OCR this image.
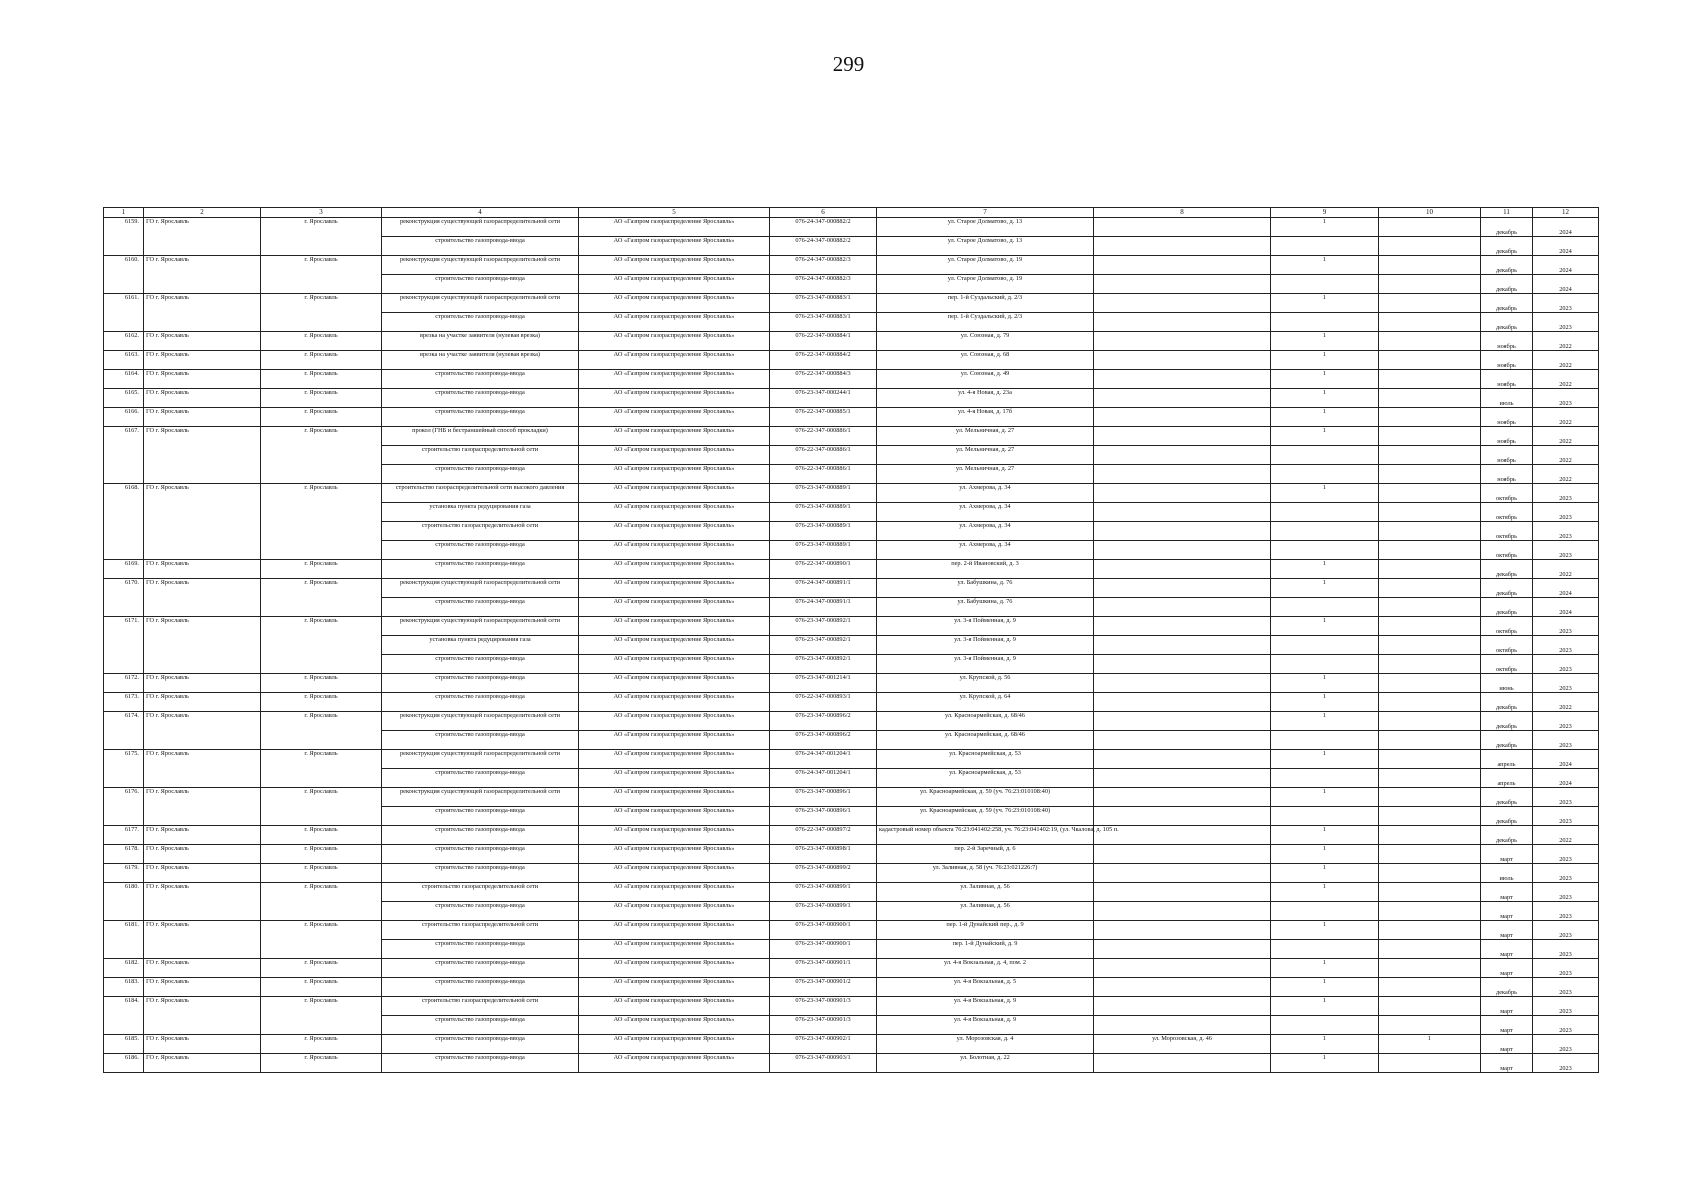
299
1	2	3	4	5	6	7	8	9	10	11	12
6159.	ГО г. Ярославль	г. Ярославль	реконструкция существующей газораспределительной сети	АО «Газпром газораспределение Ярославль»	076-24-347-000882/2	ул. Старое Долматово, д. 13		1		декабрь	2024
			строительство газопровода-ввода	АО «Газпром газораспределение Ярославль»	076-24-347-000882/2	ул. Старое Долматово, д. 13				декабрь	2024
6160.	ГО г. Ярославль	г. Ярославль	реконструкция существующей газораспределительной сети	АО «Газпром газораспределение Ярославль»	076-24-347-000882/3	ул. Старое Долматово, д. 19		1		декабрь	2024
			строительство газопровода-ввода	АО «Газпром газораспределение Ярославль»	076-24-347-000882/3	ул. Старое Долматово, д. 19				декабрь	2024
6161.	ГО г. Ярославль	г. Ярославль	реконструкция существующей газораспределительной сети	АО «Газпром газораспределение Ярославль»	076-23-347-000883/1	пер. 1-й Суздальский, д. 2/3		1		декабрь	2023
			строительство газопровода-ввода	АО «Газпром газораспределение Ярославль»	076-23-347-000883/1	пер. 1-й Суздальский, д. 2/3				декабрь	2023
6162.	ГО г. Ярославль	г. Ярославль	врезка на участке заявителя (нулевая врезка)	АО «Газпром газораспределение Ярославль»	076-22-347-000884/1	ул. Союзная, д. 79		1		ноябрь	2022
6163.	ГО г. Ярославль	г. Ярославль	врезка на участке заявителя (нулевая врезка)	АО «Газпром газораспределение Ярославль»	076-22-347-000884/2	ул. Союзная, д. 68		1		ноябрь	2022
6164.	ГО г. Ярославль	г. Ярославль	строительство газопровода-ввода	АО «Газпром газораспределение Ярославль»	076-22-347-000884/3	ул. Союзная, д. 49		1		ноябрь	2022
6165.	ГО г. Ярославль	г. Ярославль	строительство газопровода-ввода	АО «Газпром газораспределение Ярославль»	076-23-347-000244/1	ул. 4-я Новая, д. 23а		1		июль	2023
6166.	ГО г. Ярославль	г. Ярославль	строительство газопровода-ввода	АО «Газпром газораспределение Ярославль»	076-22-347-000885/1	ул. 4-я Новая, д. 17б		1		ноябрь	2022
6167.	ГО г. Ярославль	г. Ярославль	прокол (ГНБ и бестраншейный способ прокладки)	АО «Газпром газораспределение Ярославль»	076-22-347-000886/1	ул. Мельничная, д. 27		1		ноябрь	2022
			строительство газораспределительной сети	АО «Газпром газораспределение Ярославль»	076-22-347-000886/1	ул. Мельничная, д. 27				ноябрь	2022
			строительство газопровода-ввода	АО «Газпром газораспределение Ярославль»	076-22-347-000886/1	ул. Мельничная, д. 27				ноябрь	2022
6168.	ГО г. Ярославль	г. Ярославль	строительство газораспределительной сети высокого давления	АО «Газпром газораспределение Ярославль»	076-23-347-000889/1	ул. Ахмерова, д. 34		1		октябрь	2023
			установка пункта редуцирования газа	АО «Газпром газораспределение Ярославль»	076-23-347-000889/1	ул. Ахмерова, д. 34				октябрь	2023
			строительство газораспределительной сети	АО «Газпром газораспределение Ярославль»	076-23-347-000889/1	ул. Ахмерова, д. 34				октябрь	2023
			строительство газопровода-ввода	АО «Газпром газораспределение Ярославль»	076-23-347-000889/1	ул. Ахмерова, д. 34				октябрь	2023
6169.	ГО г. Ярославль	г. Ярославль	строительство газопровода-ввода	АО «Газпром газораспределение Ярославль»	076-22-347-000890/1	пер. 2-й Ивановский, д. 3		1		декабрь	2022
6170.	ГО г. Ярославль	г. Ярославль	реконструкция существующей газораспределительной сети	АО «Газпром газораспределение Ярославль»	076-24-347-000891/1	ул. Бабушкина, д. 76		1		декабрь	2024
			строительство газопровода-ввода	АО «Газпром газораспределение Ярославль»	076-24-347-000891/1	ул. Бабушкина, д. 76				декабрь	2024
6171.	ГО г. Ярославль	г. Ярославль	реконструкция существующей газораспределительной сети	АО «Газпром газораспределение Ярославль»	076-23-347-000892/1	ул. 3-я Пойменная, д. 9		1		октябрь	2023
			установка пункта редуцирования газа	АО «Газпром газораспределение Ярославль»	076-23-347-000892/1	ул. 3-я Пойменная, д. 9				октябрь	2023
			строительство газопровода-ввода	АО «Газпром газораспределение Ярославль»	076-23-347-000892/1	ул. 3-я Пойменная, д. 9				октябрь	2023
6172.	ГО г. Ярославль	г. Ярославль	строительство газопровода-ввода	АО «Газпром газораспределение Ярославль»	076-23-347-001214/1	ул. Крупской, д. 56		1		июнь	2023
6173.	ГО г. Ярославль	г. Ярославль	строительство газопровода-ввода	АО «Газпром газораспределение Ярославль»	076-22-347-000893/1	ул. Крупской, д. 64		1		декабрь	2022
6174.	ГО г. Ярославль	г. Ярославль	реконструкция существующей газораспределительной сети	АО «Газпром газораспределение Ярославль»	076-23-347-000896/2	ул. Красноармейская, д. 68/46		1		декабрь	2023
			строительство газопровода-ввода	АО «Газпром газораспределение Ярославль»	076-23-347-000896/2	ул. Красноармейская, д. 68/46				декабрь	2023
6175.	ГО г. Ярославль	г. Ярославль	реконструкция существующей газораспределительной сети	АО «Газпром газораспределение Ярославль»	076-24-347-001204/1	ул. Красноармейская, д. 53		1		апрель	2024
			строительство газопровода-ввода	АО «Газпром газораспределение Ярославль»	076-24-347-001204/1	ул. Красноармейская, д. 53				апрель	2024
6176.	ГО г. Ярославль	г. Ярославль	реконструкция существующей газораспределительной сети	АО «Газпром газораспределение Ярославль»	076-23-347-000896/1	ул. Красноармейская, д. 59 (уч. 76:23:010108:40)		1		декабрь	2023
			строительство газопровода-ввода	АО «Газпром газораспределение Ярославль»	076-23-347-000896/1	ул. Красноармейская, д. 59 (уч. 76:23:010108:40)				декабрь	2023
6177.	ГО г. Ярославль	г. Ярославль	строительство газопровода-ввода	АО «Газпром газораспределение Ярославль»	076-22-347-000897/2	кадастровый номер объекта 76:23:041402:258, уч. 76:23:041402:19, (ул. Чкалова, д. 105 п.		1		декабрь	2022
6178.	ГО г. Ярославль	г. Ярославль	строительство газопровода-ввода	АО «Газпром газораспределение Ярославль»	076-23-347-000898/1	пер. 2-й Заречный, д. 6		1		март	2023
6179.	ГО г. Ярославль	г. Ярославль	строительство газопровода-ввода	АО «Газпром газораспределение Ярославль»	076-23-347-000899/2	ул. Заливная, д. 58 (уч. 76:23:021226:7)		1		июль	2023
6180.	ГО г. Ярославль	г. Ярославль	строительство газораспределительной сети	АО «Газпром газораспределение Ярославль»	076-23-347-000899/1	ул. Заливная, д. 56		1		март	2023
			строительство газопровода-ввода	АО «Газпром газораспределение Ярославль»	076-23-347-000899/1	ул. Заливная, д. 56				март	2023
6181.	ГО г. Ярославль	г. Ярославль	строительство газораспределительной сети	АО «Газпром газораспределение Ярославль»	076-23-347-000900/1	пер. 1-й Дунайский пер., д. 9		1		март	2023
			строительство газопровода-ввода	АО «Газпром газораспределение Ярославль»	076-23-347-000900/1	пер. 1-й Дунайский, д. 9				март	2023
6182.	ГО г. Ярославль	г. Ярославль	строительство газопровода-ввода	АО «Газпром газораспределение Ярославль»	076-23-347-000901/1	ул. 4-я Вокзальная, д. 4, пом. 2		1		март	2023
6183.	ГО г. Ярославль	г. Ярославль	строительство газопровода-ввода	АО «Газпром газораспределение Ярославль»	076-23-347-000901/2	ул. 4-я Вокзальная, д. 5		1		декабрь	2023
6184.	ГО г. Ярославль	г. Ярославль	строительство газораспределительной сети	АО «Газпром газораспределение Ярославль»	076-23-347-000901/3	ул. 4-я Вокзальная, д. 9		1		март	2023
			строительство газопровода-ввода	АО «Газпром газораспределение Ярославль»	076-23-347-000901/3	ул. 4-я Вокзальная, д. 9				март	2023
6185.	ГО г. Ярославль	г. Ярославль	строительство газопровода-ввода	АО «Газпром газораспределение Ярославль»	076-23-347-000902/1	ул. Морозовская, д. 4	ул. Морозовская, д. 46	1	1	март	2023
6186.	ГО г. Ярославль	г. Ярославль	строительство газопровода-ввода	АО «Газпром газораспределение Ярославль»	076-23-347-000903/1	ул. Болотная, д. 22		1		март	2023
